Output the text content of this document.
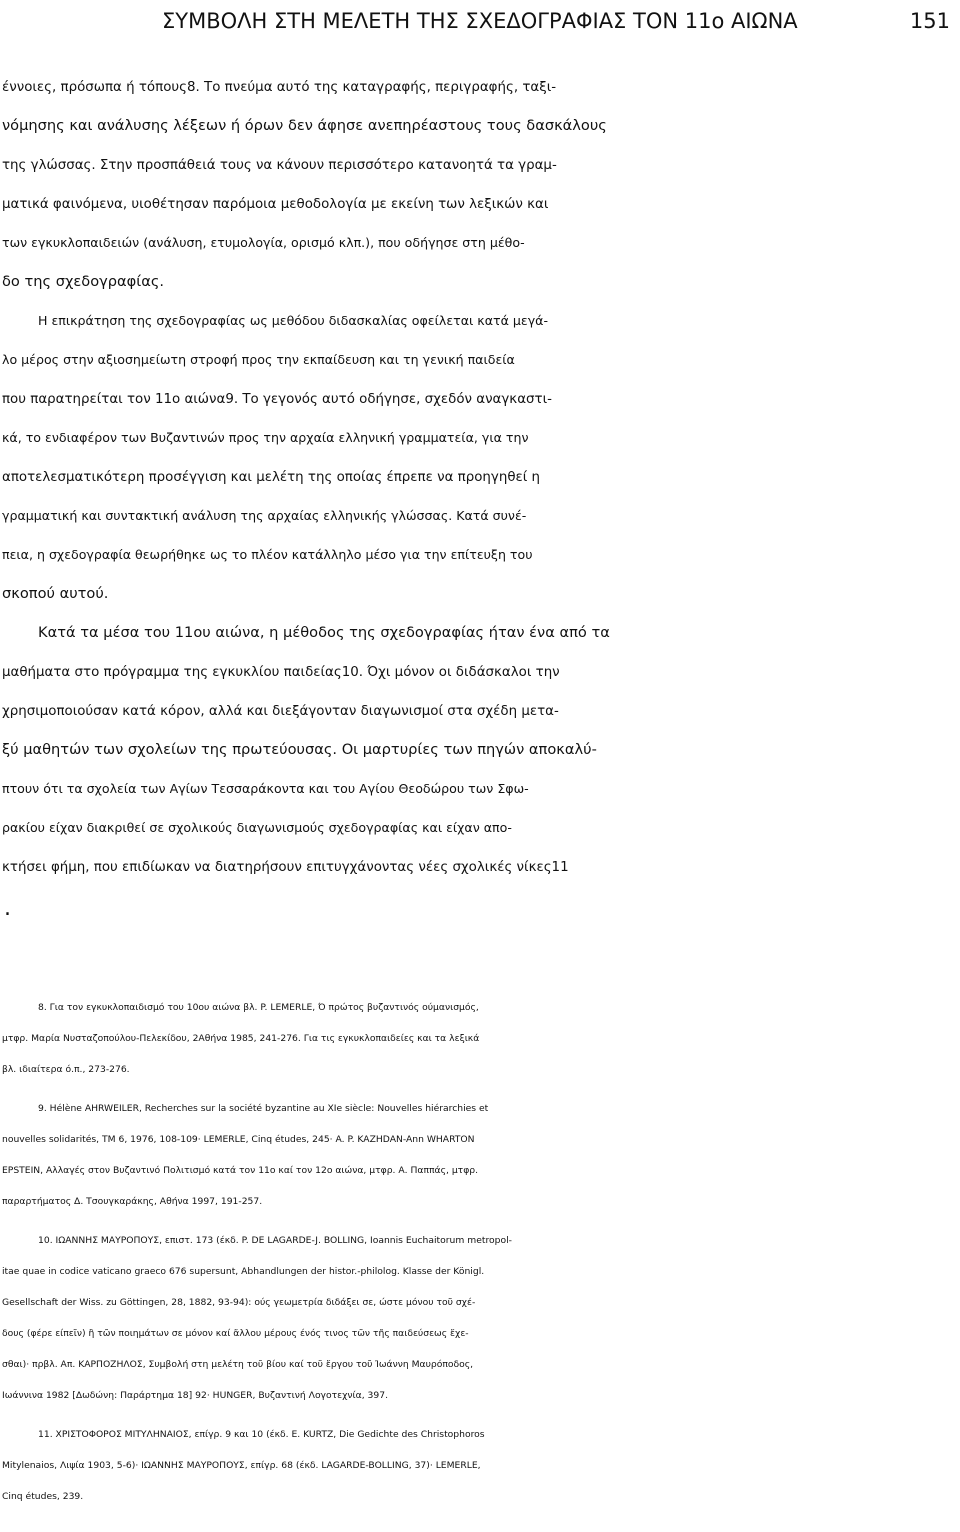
ΣΥΜΒΟΛΗ ΣΤΗ ΜΕΛΕΤΗ ΤΗΣ ΣΧΕΔΟΓΡΑΦΙΑΣ ΤΟΝ 11ο ΑΙΩΝΑ	151
έννοιες, πρόσωπα ή τόπους8. Το πνεύμα αυτό της καταγραφής, περιγραφής, ταξι-
νόμησης και ανάλυσης λέξεων ή όρων δεν άφησε ανεπηρέαστους τους δασκάλους
της γλώσσας. Στην προσπάθειά τους να κάνουν περισσότερο κατανοητά τα γραμ-
ματικά φαινόμενα, υιοθέτησαν παρόμοια μεθοδολογία με εκείνη των λεξικών και
των εγκυκλοπαιδειών (ανάλυση, ετυμολογία, ορισμό κλπ.), που οδήγησε στη μέθο-
δο της σχεδογραφίας.
Η επικράτηση της σχεδογραφίας ως μεθόδου διδασκαλίας οφείλεται κατά μεγά-
λο μέρος στην αξιοσημείωτη στροφή προς την εκπαίδευση και τη γενική παιδεία
που παρατηρείται τον 11ο αιώνα9. Το γεγονός αυτό οδήγησε, σχεδόν αναγκαστι-
κά, το ενδιαφέρον των Βυζαντινών προς την αρχαία ελληνική γραμματεία, για την
αποτελεσματικότερη προσέγγιση και μελέτη της οποίας έπρεπε να προηγηθεί η
γραμματική και συντακτική ανάλυση της αρχαίας ελληνικής γλώσσας. Κατά συνέ-
πεια, η σχεδογραφία θεωρήθηκε ως το πλέον κατάλληλο μέσο για την επίτευξη του
σκοπού αυτού.
Κατά τα μέσα του 11ου αιώνα, η μέθοδος της σχεδογραφίας ήταν ένα από τα
μαθήματα στο πρόγραμμα της εγκυκλίου παιδείας10. Όχι μόνον οι διδάσκαλοι την
χρησιμοποιούσαν κατά κόρον, αλλά και διεξάγονταν διαγωνισμοί στα σχέδη μετα-
ξύ μαθητών των σχολείων της πρωτεύουσας. Οι μαρτυρίες των πηγών αποκαλύ-
πτουν ότι τα σχολεία των Αγίων Τεσσαράκοντα και του Αγίου Θεοδώρου των Σφω-
ρακίου είχαν διακριθεί σε σχολικούς διαγωνισμούς σχεδογραφίας και είχαν απο-
κτήσει φήμη, που επιδίωκαν να διατηρήσουν επιτυγχάνοντας νέες σχολικές νίκες11
.
8. Για τον εγκυκλοπαιδισμό του 10ου αιώνα βλ. P. LEMERLE, Ό πρώτος βυζαντινός ούμανισμός,
μτφρ. Μαρία Νυσταζοπούλου-Πελεκίδου, 2Αθήνα 1985, 241-276. Για τις εγκυκλοπαιδείες και τα λεξικά
βλ. ιδιαίτερα ό.π., 273-276.
9. Hélène AHRWEILER, Recherches sur la société byzantine au XIe siècle: Nouvelles hiérarchies et
nouvelles solidarités, TM 6, 1976, 108-109· LEMERLE, Cinq études, 245· A. P. KAZHDAN-Ann WHARTON
EPSTEIN, Αλλαγές στον Βυζαντινό Πολιτισμό κατά τον 11ο καί τον 12ο αιώνα, μτφρ. Α. Παππάς, μτφρ.
παραρτήματος Δ. Τσουγκαράκης, Αθήνα 1997, 191-257.
10. ΙΩΑΝΝΗΣ ΜΑΥΡΟΠΟΥΣ, επιστ. 173 (έκδ. P. DE LAGARDE-J. BOLLING, Ioannis Euchaitorum metropol-
itae quae in codice vaticano graeco 676 supersunt, Abhandlungen der histor.-philolog. Klasse der Königl.
Gesellschaft der Wiss. zu Göttingen, 28, 1882, 93-94): ούς γεωμετρία διδάξει σε, ώστε μόνου τοῦ σχέ-
δους (φέρε είπεῖν) ἢ τῶν ποιημάτων σε μόνον καί ἄλλου μέρους ένός τινος τῶν τῆς παιδεύσεως ἔχε-
σθαι)· πρβλ. Απ. ΚΑΡΠΟΖΗΛΟΣ, Συμβολή στη μελέτη τοῦ βίου καί τοῦ ἔργου τοῦ Ἰωάννη Μαυρόποδος,
Ιωάννινα 1982 [Δωδώνη: Παράρτημα 18] 92· HUNGER, Βυζαντινή Λογοτεχνία, 397.
11. ΧΡΙΣΤΟΦΟΡΟΣ ΜΙΤΥΛΗΝΑΙΟΣ, επίγρ. 9 και 10 (έκδ. E. KURTZ, Die Gedichte des Christophoros
Mitylenaios, Λιψία 1903, 5-6)· ΙΩΑΝΝΗΣ ΜΑΥΡΟΠΟΥΣ, επίγρ. 68 (έκδ. LAGARDE-BOLLING, 37)· LEMERLE,
Cinq études, 239.
